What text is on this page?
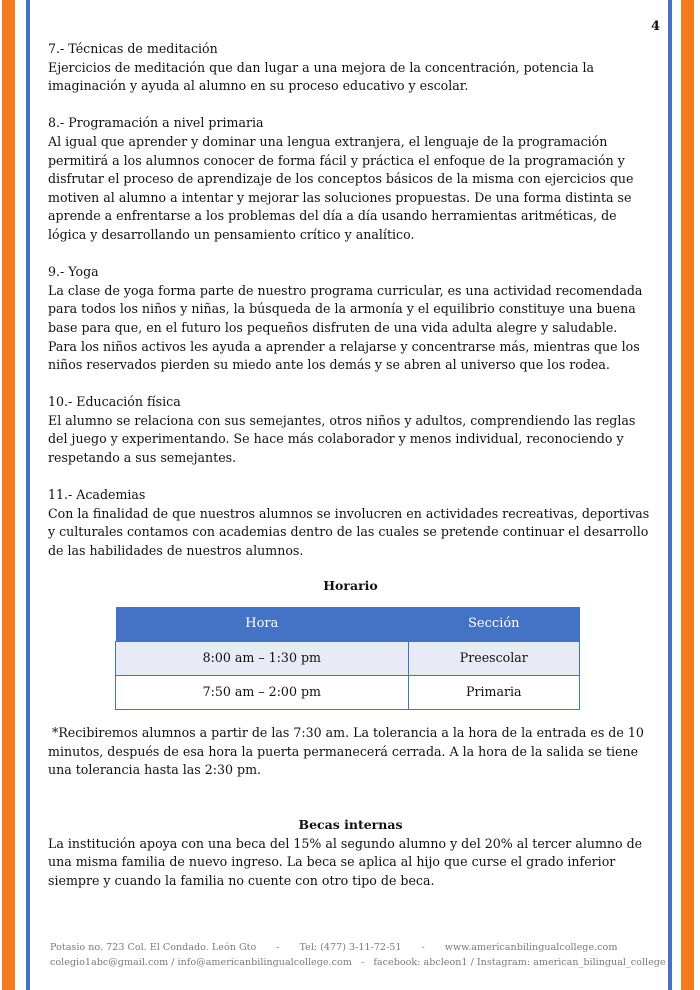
4

7.- Técnicas de meditación

Ejercicios de meditación que dan lugar a una mejora de la concentración, potencia la imaginación y ayuda al alumno en su proceso educativo y escolar.

8.- Programación a nivel primaria

Al igual que aprender y dominar una lengua extranjera, el lenguaje de la programación permitirá a los alumnos conocer de forma fácil y práctica el enfoque de la programación y disfrutar el proceso de aprendizaje de los conceptos básicos de la misma con ejercicios que motiven al alumno a intentar y mejorar las soluciones propuestas. De una forma distinta se aprende a enfrentarse a los problemas del día a día usando herramientas aritméticas, de lógica y desarrollando un pensamiento crítico y analítico.

9.- Yoga

La clase de yoga forma parte de nuestro programa curricular, es una actividad recomendada para todos los niños y niñas, la búsqueda de la armonía y el equilibrio constituye una buena base para que, en el futuro los pequeños disfruten de una vida adulta alegre y saludable.

Para los niños activos les ayuda a aprender a relajarse y concentrarse más, mientras que los niños reservados pierden su miedo ante los demás y se abren al universo que los rodea.

10.- Educación física

El alumno se relaciona con sus semejantes, otros niños y adultos, comprendiendo las reglas del juego y experimentando. Se hace más colaborador y menos individual, reconociendo y respetando a sus semejantes.

11.- Academias

Con la finalidad de que nuestros alumnos se involucren en actividades recreativas, deportivas y culturales contamos con academias dentro de las cuales se pretende continuar el desarrollo de las habilidades de nuestros alumnos.

Horario
Hora	Sección
8:00 am – 1:30 pm	Preescolar
7:50 am – 2:00 pm	Primaria

*Recibiremos alumnos a partir de las 7:30 am. La tolerancia a la hora de la entrada es de 10 minutos, después de esa hora la puerta permanecerá cerrada. A la hora de la salida se tiene una tolerancia hasta las 2:30 pm.

Becas internas

La institución apoya con una beca del 15% al segundo alumno y del 20% al tercer alumno de una misma familia de nuevo ingreso. La beca se aplica al hijo que curse el grado inferior siempre y cuando la familia no cuente con otro tipo de beca.

Potasio no. 723 Col. El Condado. León Gto - Tel: (477) 3-11-72-51 - www.americanbilingualcollege.com
colegio1abc@gmail.com / info@americanbilingualcollege.com   -   facebook: abcleon1 / Instagram: american_bilingual_college
